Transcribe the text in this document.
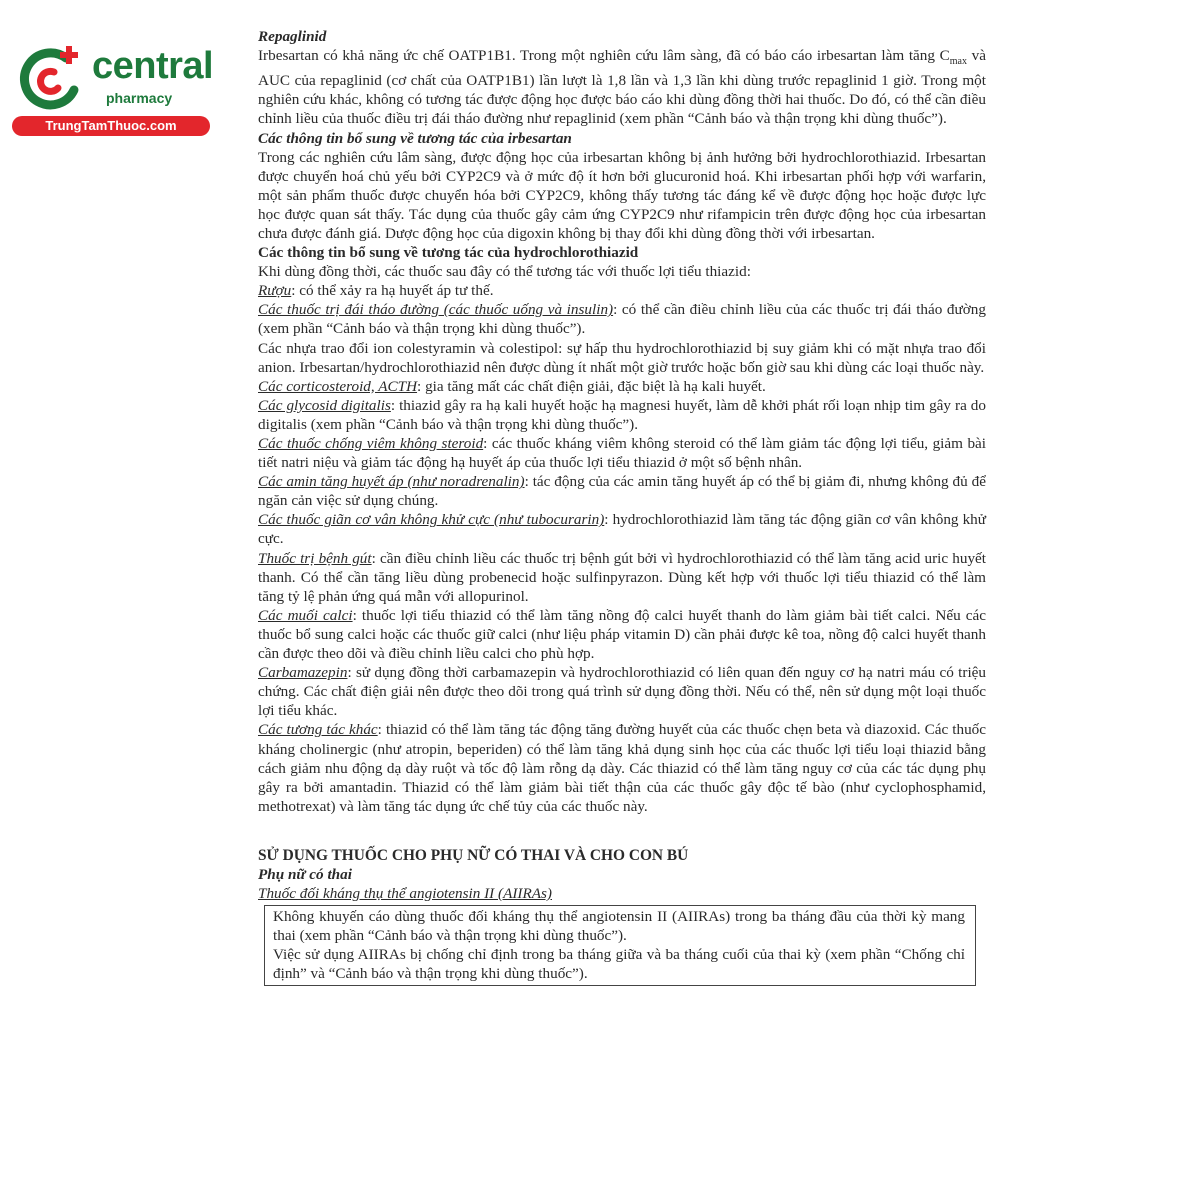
central
pharmacy
TrungTamThuoc.com

Repaglinid

Irbesartan có khả năng ức chế OATP1B1. Trong một nghiên cứu lâm sàng, đã có báo cáo irbesartan làm tăng $C_{max}$ và AUC của repaglinid (cơ chất của OATP1B1) lần lượt là 1,8 lần và 1,3 lần khi dùng trước repaglinid 1 giờ. Trong một nghiên cứu khác, không có tương tác được động học được báo cáo khi dùng đồng thời hai thuốc. Do đó, có thể cần điều chỉnh liều của thuốc điều trị đái tháo đường như repaglinid (xem phần “Cảnh báo và thận trọng khi dùng thuốc”).

Các thông tin bổ sung về tương tác của irbesartan

Trong các nghiên cứu lâm sàng, được động học của irbesartan không bị ảnh hưởng bởi hydrochlorothiazid. Irbesartan được chuyển hoá chủ yếu bởi CYP2C9 và ở mức độ ít hơn bởi glucuronid hoá. Khi irbesartan phối hợp với warfarin, một sản phẩm thuốc được chuyển hóa bởi CYP2C9, không thấy tương tác đáng kể về được động học hoặc được lực học được quan sát thấy. Tác dụng của thuốc gây cảm ứng CYP2C9 như rifampicin trên được động học của irbesartan chưa được đánh giá. Dược động học của digoxin không bị thay đổi khi dùng đồng thời với irbesartan.

Các thông tin bổ sung về tương tác của hydrochlorothiazid

Khi dùng đồng thời, các thuốc sau đây có thể tương tác với thuốc lợi tiểu thiazid:

Rượu: có thể xảy ra hạ huyết áp tư thế.

Các thuốc trị đái tháo đường (các thuốc uống và insulin): có thể cần điều chỉnh liều của các thuốc trị đái tháo đường (xem phần “Cảnh báo và thận trọng khi dùng thuốc”).

Các nhựa trao đổi ion colestyramin và colestipol: sự hấp thu hydrochlorothiazid bị suy giảm khi có mặt nhựa trao đổi anion. Irbesartan/hydrochlorothiazid nên được dùng ít nhất một giờ trước hoặc bốn giờ sau khi dùng các loại thuốc này.

Các corticosteroid, ACTH: gia tăng mất các chất điện giải, đặc biệt là hạ kali huyết.

Các glycosid digitalis: thiazid gây ra hạ kali huyết hoặc hạ magnesi huyết, làm dễ khởi phát rối loạn nhịp tim gây ra do digitalis (xem phần “Cảnh báo và thận trọng khi dùng thuốc”).

Các thuốc chống viêm không steroid: các thuốc kháng viêm không steroid có thể làm giảm tác động lợi tiểu, giảm bài tiết natri niệu và giảm tác động hạ huyết áp của thuốc lợi tiểu thiazid ở một số bệnh nhân.

Các amin tăng huyết áp (như noradrenalin): tác động của các amin tăng huyết áp có thể bị giảm đi, nhưng không đủ để ngăn cản việc sử dụng chúng.

Các thuốc giãn cơ vân không khử cực (như tubocurarin): hydrochlorothiazid làm tăng tác động giãn cơ vân không khử cực.

Thuốc trị bệnh gút: cần điều chỉnh liều các thuốc trị bệnh gút bởi vì hydrochlorothiazid có thể làm tăng acid uric huyết thanh. Có thể cần tăng liều dùng probenecid hoặc sulfinpyrazon. Dùng kết hợp với thuốc lợi tiểu thiazid có thể làm tăng tỷ lệ phản ứng quá mẫn với allopurinol.

Các muối calci: thuốc lợi tiểu thiazid có thể làm tăng nồng độ calci huyết thanh do làm giảm bài tiết calci. Nếu các thuốc bổ sung calci hoặc các thuốc giữ calci (như liệu pháp vitamin D) cần phải được kê toa, nồng độ calci huyết thanh cần được theo dõi và điều chỉnh liều calci cho phù hợp.

Carbamazepin: sử dụng đồng thời carbamazepin và hydrochlorothiazid có liên quan đến nguy cơ hạ natri máu có triệu chứng. Các chất điện giải nên được theo dõi trong quá trình sử dụng đồng thời. Nếu có thể, nên sử dụng một loại thuốc lợi tiểu khác.

Các tương tác khác: thiazid có thể làm tăng tác động tăng đường huyết của các thuốc chẹn beta và diazoxid. Các thuốc kháng cholinergic (như atropin, beperiden) có thể làm tăng khả dụng sinh học của các thuốc lợi tiểu loại thiazid bằng cách giảm nhu động dạ dày ruột và tốc độ làm rỗng dạ dày. Các thiazid có thể làm tăng nguy cơ của các tác dụng phụ gây ra bởi amantadin. Thiazid có thể làm giảm bài tiết thận của các thuốc gây độc tế bào (như cyclophosphamid, methotrexat) và làm tăng tác dụng ức chế tủy của các thuốc này.

SỬ DỤNG THUỐC CHO PHỤ NỮ CÓ THAI VÀ CHO CON BÚ

Phụ nữ có thai

Thuốc đối kháng thụ thể angiotensin II (AIIRAs)

Không khuyến cáo dùng thuốc đối kháng thụ thể angiotensin II (AIIRAs) trong ba tháng đầu của thời kỳ mang thai (xem phần “Cảnh báo và thận trọng khi dùng thuốc”).

Việc sử dụng AIIRAs bị chống chỉ định trong ba tháng giữa và ba tháng cuối của thai kỳ (xem phần “Chống chỉ định” và “Cảnh báo và thận trọng khi dùng thuốc”).
